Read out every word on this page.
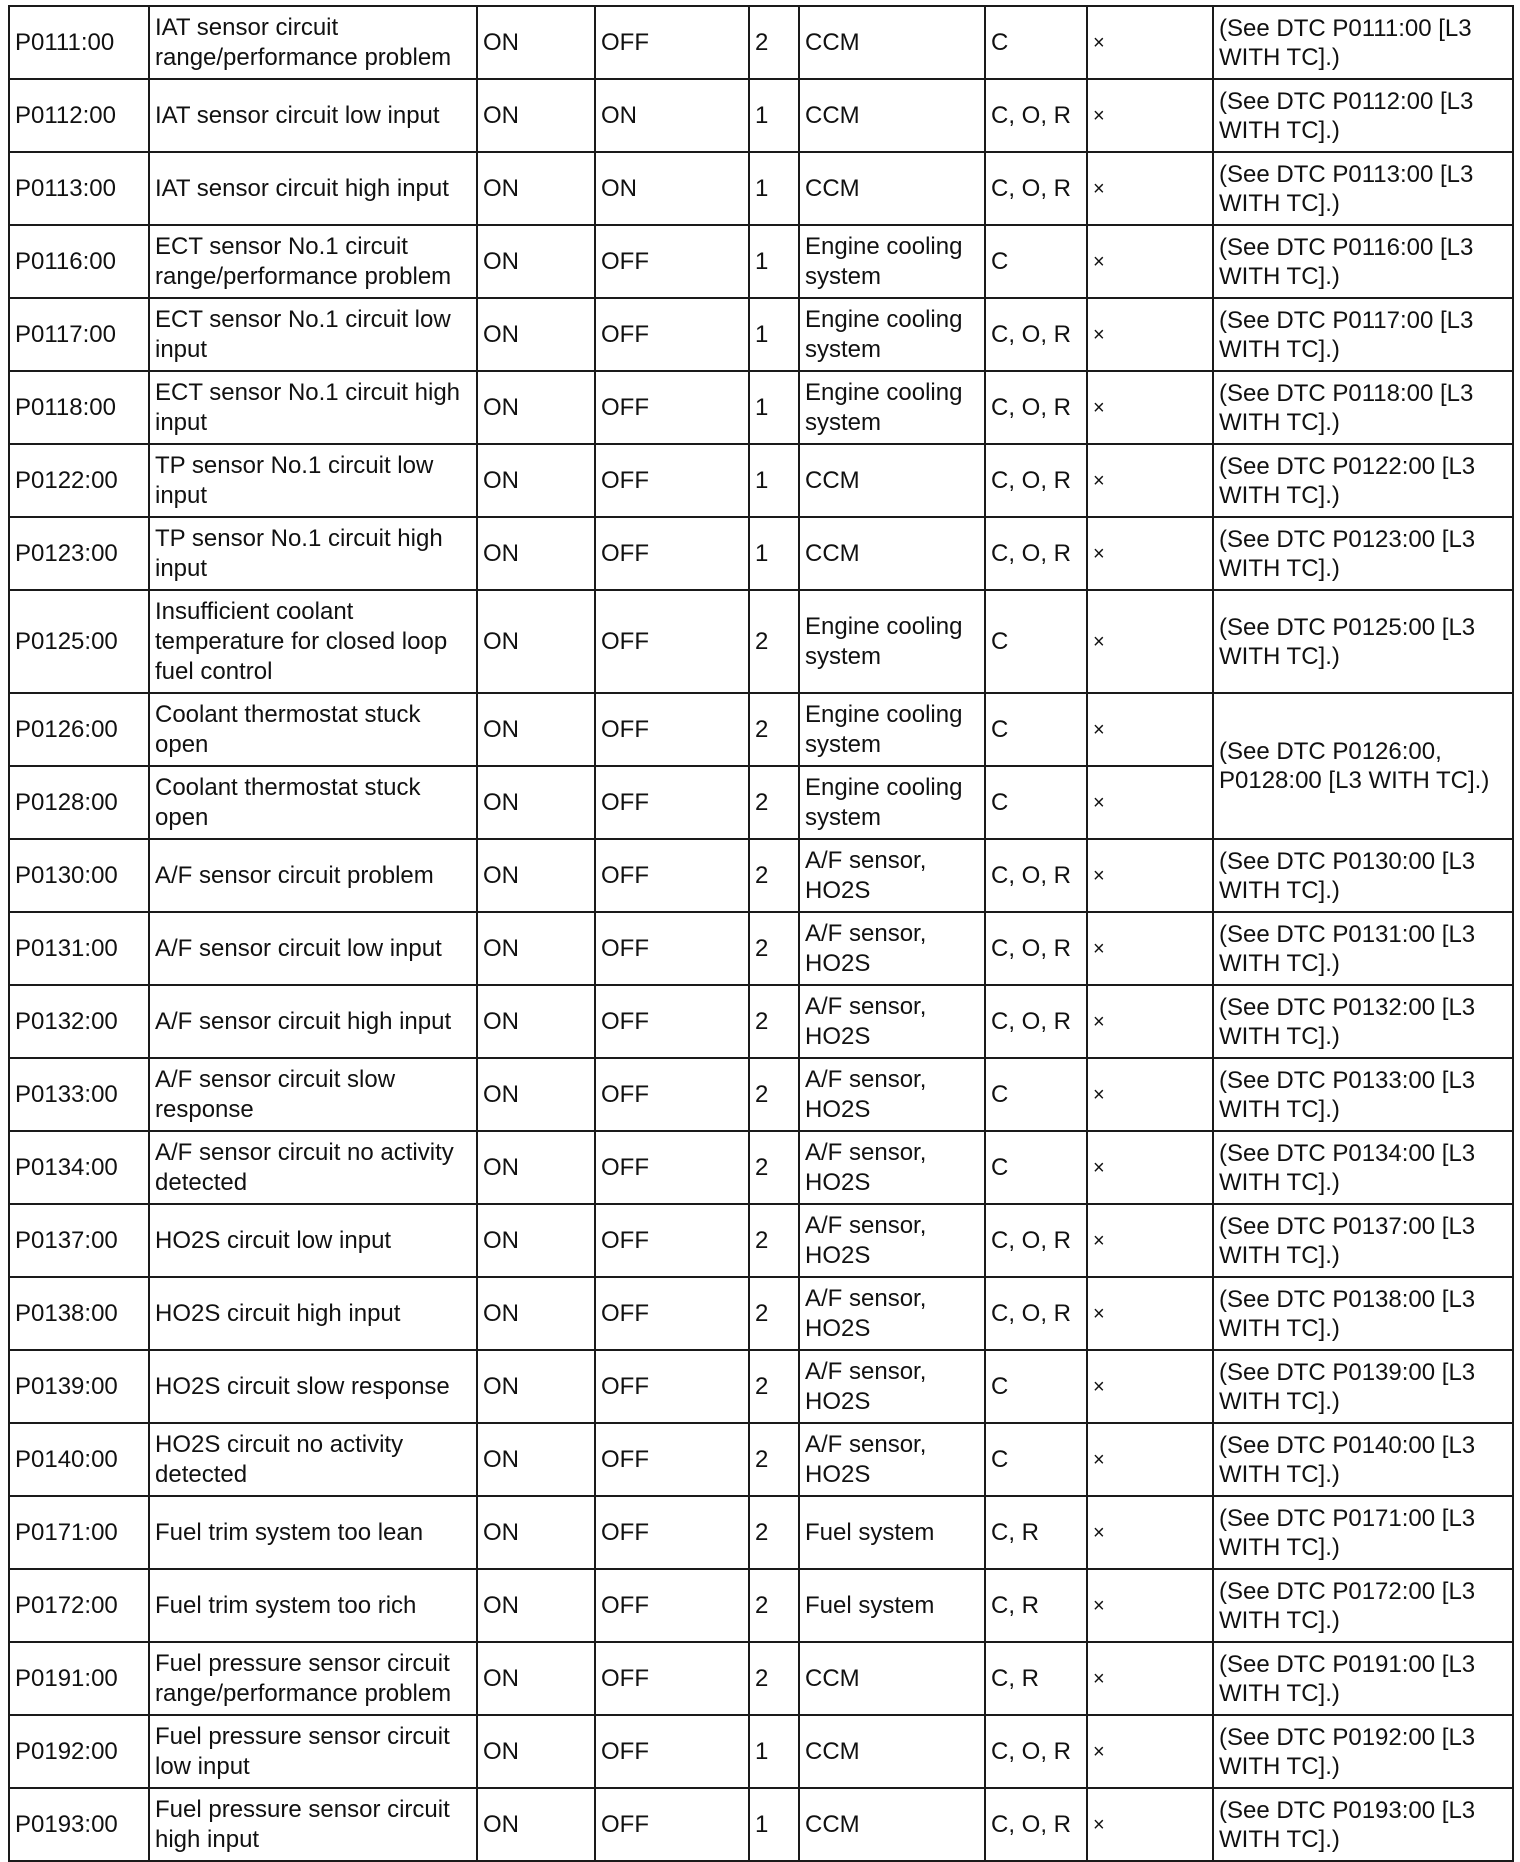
P0111:00	IAT sensor circuit range/performance problem	ON	OFF	2	CCM	C	×	(See DTC P0111:00 [L3 WITH TC].)
P0112:00	IAT sensor circuit low input	ON	ON	1	CCM	C, O, R	×	(See DTC P0112:00 [L3 WITH TC].)
P0113:00	IAT sensor circuit high input	ON	ON	1	CCM	C, O, R	×	(See DTC P0113:00 [L3 WITH TC].)
P0116:00	ECT sensor No.1 circuit range/performance problem	ON	OFF	1	Engine cooling system	C	×	(See DTC P0116:00 [L3 WITH TC].)
P0117:00	ECT sensor No.1 circuit low input	ON	OFF	1	Engine cooling system	C, O, R	×	(See DTC P0117:00 [L3 WITH TC].)
P0118:00	ECT sensor No.1 circuit high input	ON	OFF	1	Engine cooling system	C, O, R	×	(See DTC P0118:00 [L3 WITH TC].)
P0122:00	TP sensor No.1 circuit low input	ON	OFF	1	CCM	C, O, R	×	(See DTC P0122:00 [L3 WITH TC].)
P0123:00	TP sensor No.1 circuit high input	ON	OFF	1	CCM	C, O, R	×	(See DTC P0123:00 [L3 WITH TC].)
P0125:00	Insufficient coolant temperature for closed loop fuel control	ON	OFF	2	Engine cooling system	C	×	(See DTC P0125:00 [L3 WITH TC].)
P0126:00	Coolant thermostat stuck open	ON	OFF	2	Engine cooling system	C	×	(See DTC P0126:00, P0128:00 [L3 WITH TC].)
P0128:00	Coolant thermostat stuck open	ON	OFF	2	Engine cooling system	C	×	
P0130:00	A/F sensor circuit problem	ON	OFF	2	A/F sensor, HO2S	C, O, R	×	(See DTC P0130:00 [L3 WITH TC].)
P0131:00	A/F sensor circuit low input	ON	OFF	2	A/F sensor, HO2S	C, O, R	×	(See DTC P0131:00 [L3 WITH TC].)
P0132:00	A/F sensor circuit high input	ON	OFF	2	A/F sensor, HO2S	C, O, R	×	(See DTC P0132:00 [L3 WITH TC].)
P0133:00	A/F sensor circuit slow response	ON	OFF	2	A/F sensor, HO2S	C	×	(See DTC P0133:00 [L3 WITH TC].)
P0134:00	A/F sensor circuit no activity detected	ON	OFF	2	A/F sensor, HO2S	C	×	(See DTC P0134:00 [L3 WITH TC].)
P0137:00	HO2S circuit low input	ON	OFF	2	A/F sensor, HO2S	C, O, R	×	(See DTC P0137:00 [L3 WITH TC].)
P0138:00	HO2S circuit high input	ON	OFF	2	A/F sensor, HO2S	C, O, R	×	(See DTC P0138:00 [L3 WITH TC].)
P0139:00	HO2S circuit slow response	ON	OFF	2	A/F sensor, HO2S	C	×	(See DTC P0139:00 [L3 WITH TC].)
P0140:00	HO2S circuit no activity detected	ON	OFF	2	A/F sensor, HO2S	C	×	(See DTC P0140:00 [L3 WITH TC].)
P0171:00	Fuel trim system too lean	ON	OFF	2	Fuel system	C, R	×	(See DTC P0171:00 [L3 WITH TC].)
P0172:00	Fuel trim system too rich	ON	OFF	2	Fuel system	C, R	×	(See DTC P0172:00 [L3 WITH TC].)
P0191:00	Fuel pressure sensor circuit range/performance problem	ON	OFF	2	CCM	C, R	×	(See DTC P0191:00 [L3 WITH TC].)
P0192:00	Fuel pressure sensor circuit low input	ON	OFF	1	CCM	C, O, R	×	(See DTC P0192:00 [L3 WITH TC].)
P0193:00	Fuel pressure sensor circuit high input	ON	OFF	1	CCM	C, O, R	×	(See DTC P0193:00 [L3 WITH TC].)
